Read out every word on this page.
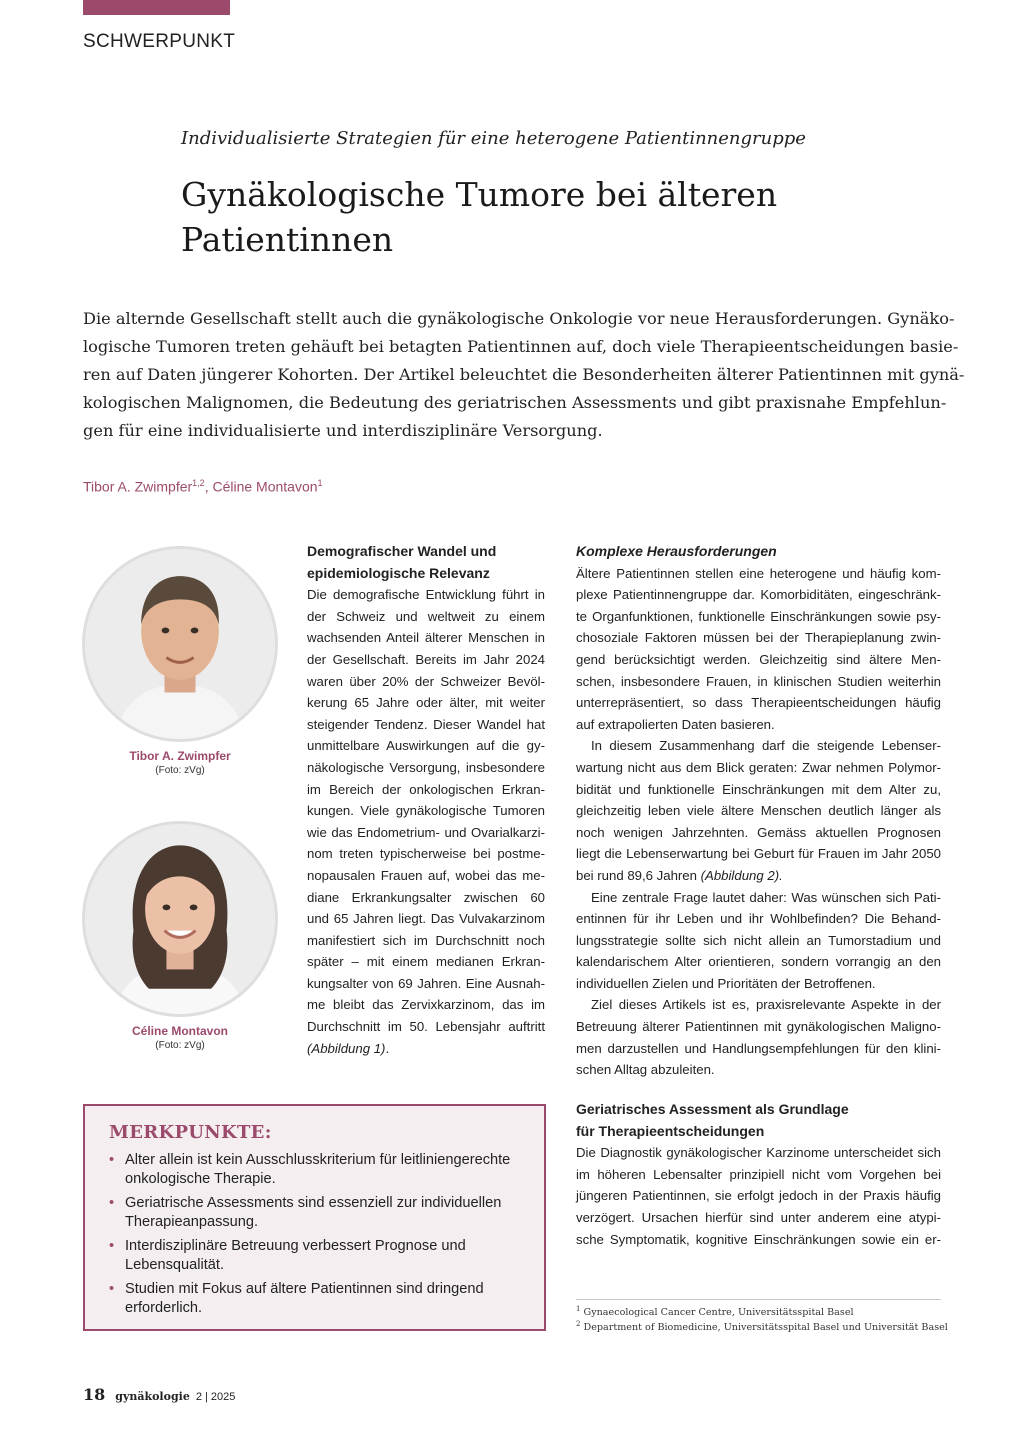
SCHWERPUNKT
Individualisierte Strategien für eine heterogene Patientinnengruppe
Gynäkologische Tumore bei älteren
Patientinnen
Die alternde Gesellschaft stellt auch die gynäkologische Onkologie vor neue Herausforderungen. Gynäko-
logische Tumoren treten gehäuft bei betagten Patientinnen auf, doch viele Therapieentscheidungen basie-
ren auf Daten jüngerer Kohorten. Der Artikel beleuchtet die Besonderheiten älterer Patientinnen mit gynä-
kologischen Malignomen, die Bedeutung des geriatrischen Assessments und gibt praxisnahe Empfehlun-
gen für eine individualisierte und interdisziplinäre Versorgung.
Tibor A. Zwimpfer$^{1,2}$, Céline Montavon$^1$
Tibor A. Zwimpfer
(Foto: zVg)
Céline Montavon
(Foto: zVg)
Demografischer Wandel und
epidemiologische Relevanz
Die demografische Entwicklung führt in
der Schweiz und weltweit zu einem
wachsenden Anteil älterer Menschen in
der Gesellschaft. Bereits im Jahr 2024
waren über 20% der Schweizer Bevöl-
kerung 65 Jahre oder älter, mit weiter
steigender Tendenz. Dieser Wandel hat
unmittelbare Auswirkungen auf die gy-
näkologische Versorgung, insbesondere
im Bereich der onkologischen Erkran-
kungen. Viele gynäkologische Tumoren
wie das Endometrium- und Ovarialkarzi-
nom treten typischerweise bei postme-
nopausalen Frauen auf, wobei das me-
diane Erkrankungsalter zwischen 60
und 65 Jahren liegt. Das Vulvakarzinom
manifestiert sich im Durchschnitt noch
später – mit einem medianen Erkran-
kungsalter von 69 Jahren. Eine Ausnah-
me bleibt das Zervixkarzinom, das im
Durchschnitt im 50. Lebensjahr auftritt
(Abbildung 1).
Komplexe Herausforderungen
Ältere Patientinnen stellen eine heterogene und häufig kom-
plexe Patientinnengruppe dar. Komorbiditäten, eingeschränk-
te Organfunktionen, funktionelle Einschränkungen sowie psy-
chosoziale Faktoren müssen bei der Therapieplanung zwin-
gend berücksichtigt werden. Gleichzeitig sind ältere Men-
schen, insbesondere Frauen, in klinischen Studien weiterhin
unterrepräsentiert, so dass Therapieentscheidungen häufig
auf extrapolierten Daten basieren.
In diesem Zusammenhang darf die steigende Lebenser-
wartung nicht aus dem Blick geraten: Zwar nehmen Polymor-
bidität und funktionelle Einschränkungen mit dem Alter zu,
gleichzeitig leben viele ältere Menschen deutlich länger als
noch wenigen Jahrzehnten. Gemäss aktuellen Prognosen
liegt die Lebenserwartung bei Geburt für Frauen im Jahr 2050
bei rund 89,6 Jahren (Abbildung 2).
Eine zentrale Frage lautet daher: Was wünschen sich Pati-
entinnen für ihr Leben und ihr Wohlbefinden? Die Behand-
lungsstrategie sollte sich nicht allein an Tumorstadium und
kalendarischem Alter orientieren, sondern vorrangig an den
individuellen Zielen und Prioritäten der Betroffenen.
Ziel dieses Artikels ist es, praxisrelevante Aspekte in der
Betreuung älterer Patientinnen mit gynäkologischen Maligno-
men darzustellen und Handlungsempfehlungen für den klini-
schen Alltag abzuleiten.
Geriatrisches Assessment als Grundlage
für Therapieentscheidungen
Die Diagnostik gynäkologischer Karzinome unterscheidet sich
im höheren Lebensalter prinzipiell nicht vom Vorgehen bei
jüngeren Patientinnen, sie erfolgt jedoch in der Praxis häufig
verzögert. Ursachen hierfür sind unter anderem eine atypi-
sche Symptomatik, kognitive Einschränkungen sowie ein er-
MERKPUNKTE:
• Alter allein ist kein Ausschlusskriterium für leitliniengerechte onkologische Therapie.
• Geriatrische Assessments sind essenziell zur individuellen Therapieanpassung.
• Interdisziplinäre Betreuung verbessert Prognose und Lebensqualität.
• Studien mit Fokus auf ältere Patientinnen sind dringend erforderlich.	$^1$ Gynaecological Cancer Centre, Universitätsspital Basel
$^2$ Department of Biomedicine, Universitätsspital Basel und Universität Basel
18 gynäkologie 2 | 2025
